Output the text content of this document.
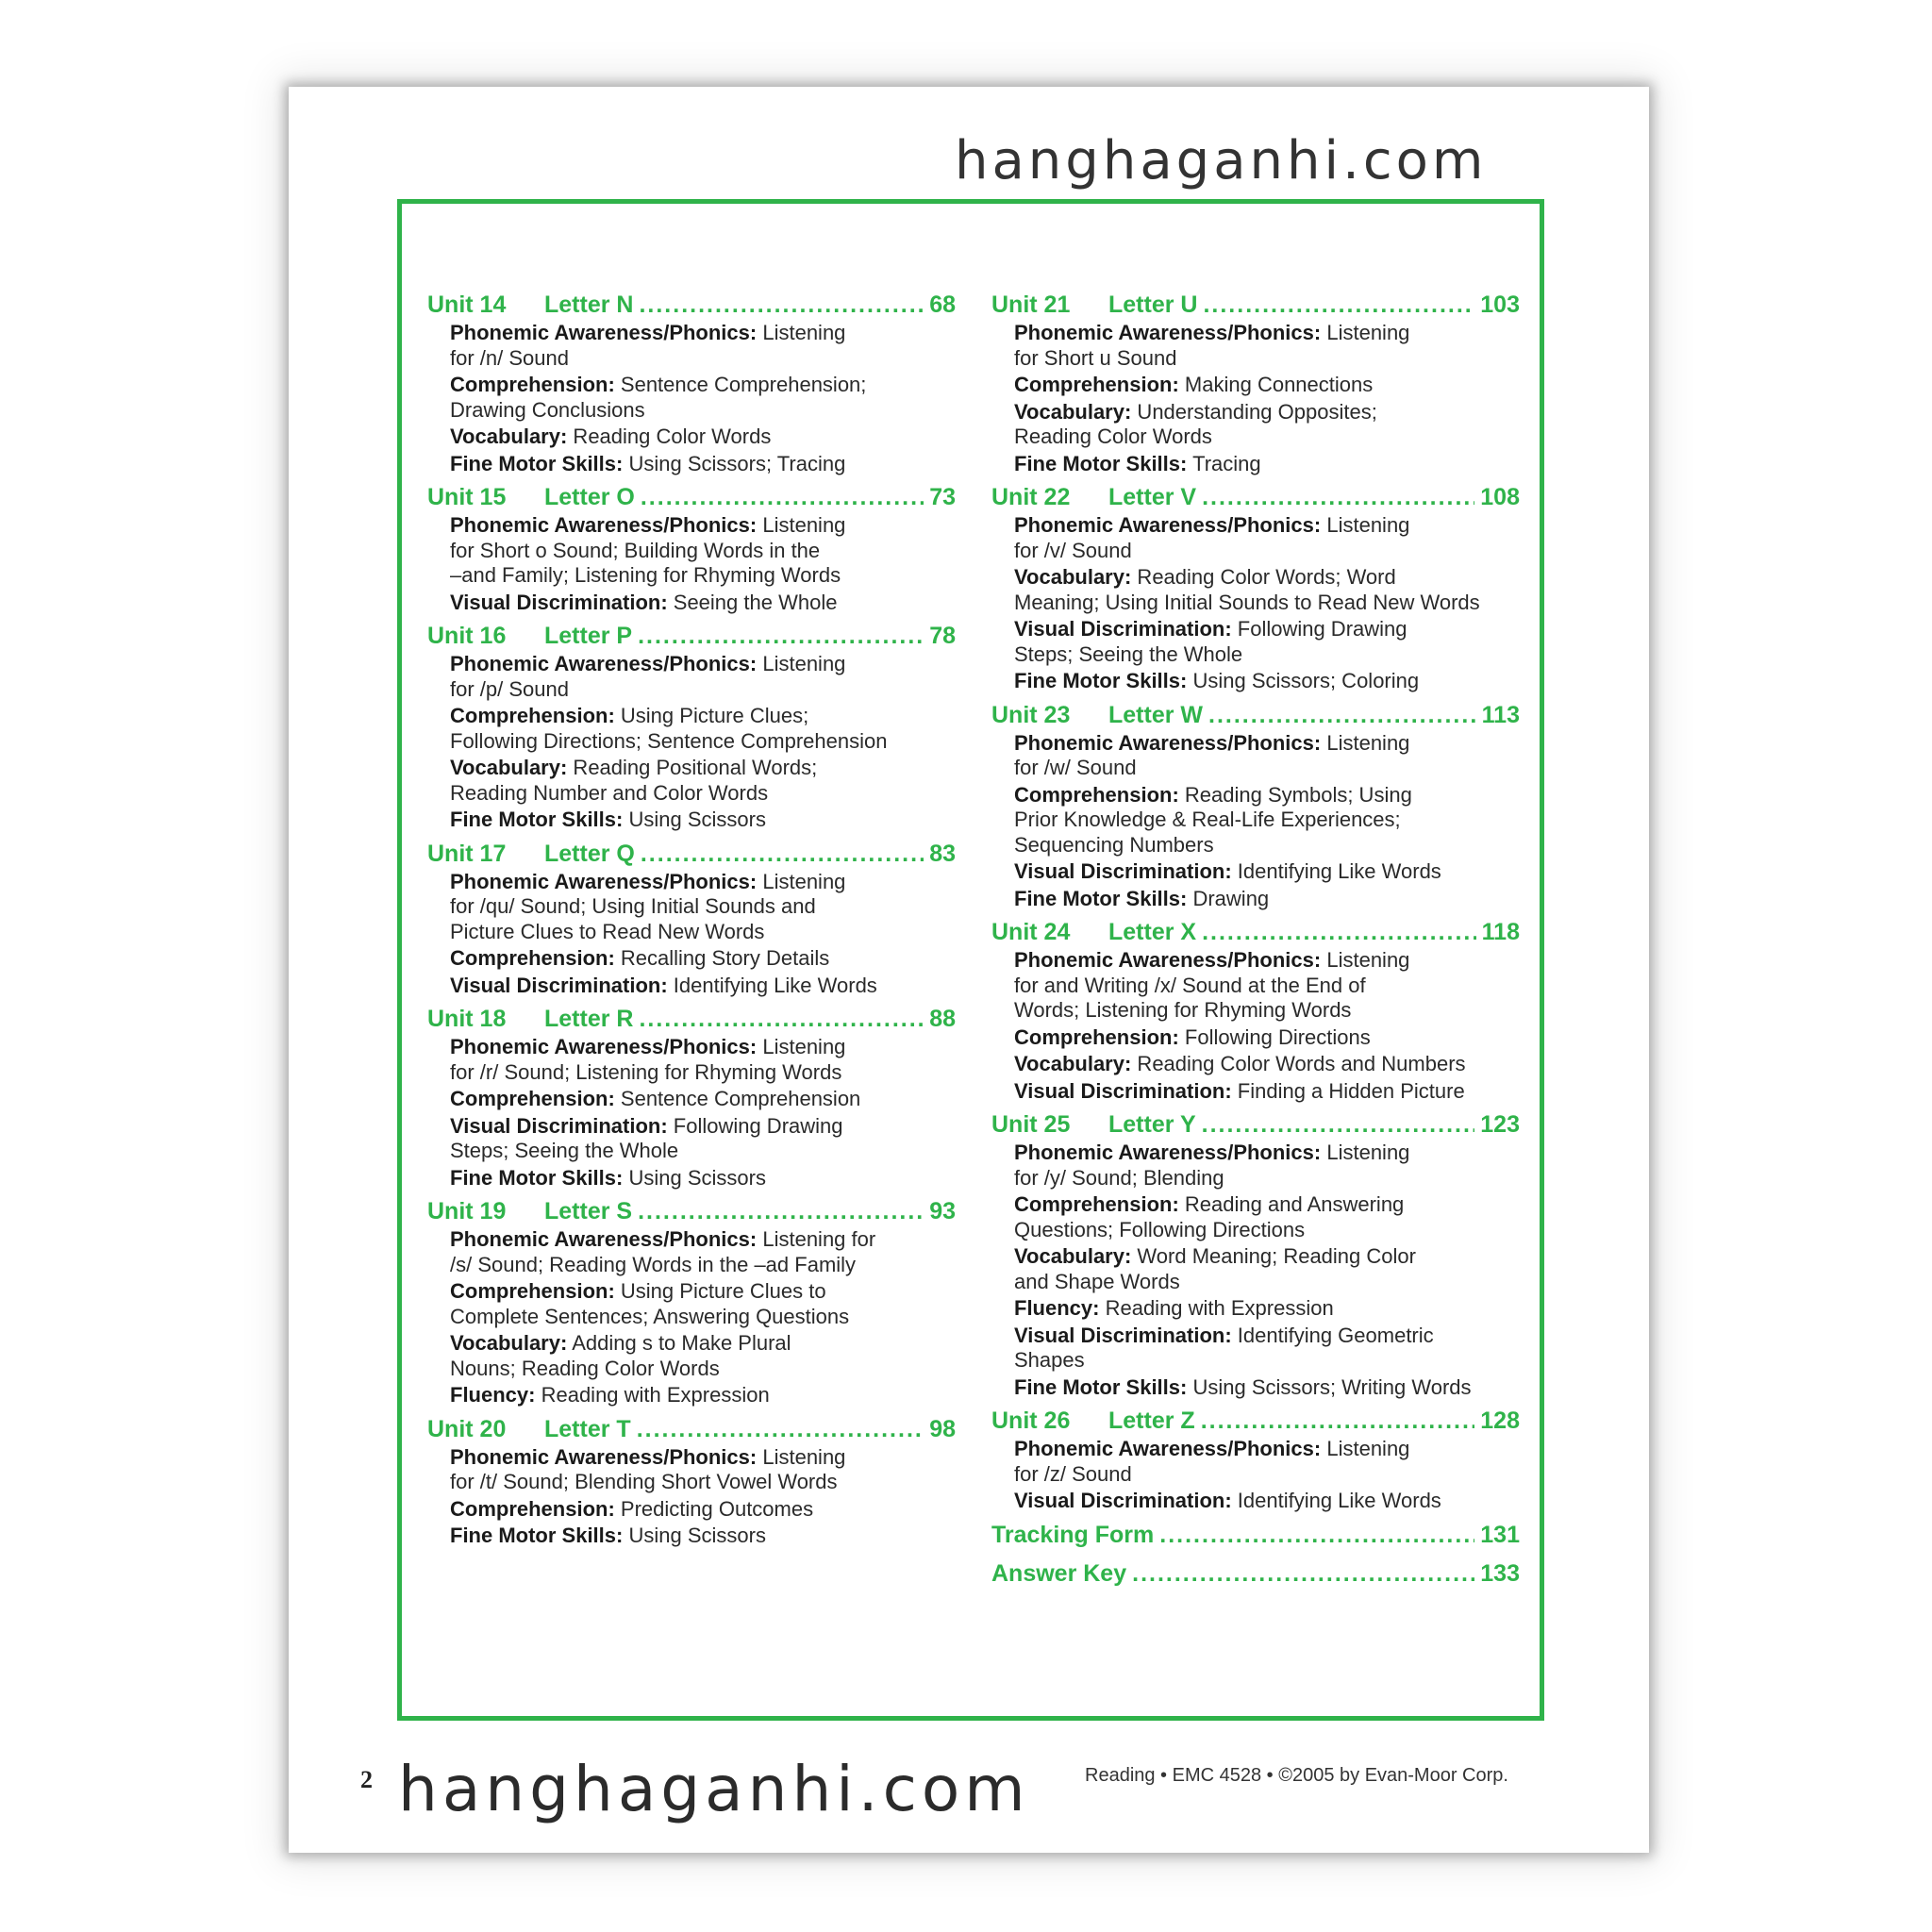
hanghaganhi.com
Unit 14	Letter N .....	68
Phonemic Awareness/Phonics: Listening
for /n/ Sound
Comprehension: Sentence Comprehension;
Drawing Conclusions
Vocabulary: Reading Color Words
Fine Motor Skills: Using Scissors; Tracing
Unit 15	Letter O .....	73
Phonemic Awareness/Phonics: Listening
for Short o Sound; Building Words in the
–and Family; Listening for Rhyming Words
Visual Discrimination: Seeing the Whole
Unit 16	Letter P .....	78
Phonemic Awareness/Phonics: Listening
for /p/ Sound
Comprehension: Using Picture Clues;
Following Directions; Sentence Comprehension
Vocabulary: Reading Positional Words;
Reading Number and Color Words
Fine Motor Skills: Using Scissors
Unit 17	Letter Q .....	83
Phonemic Awareness/Phonics: Listening
for /qu/ Sound; Using Initial Sounds and
Picture Clues to Read New Words
Comprehension: Recalling Story Details
Visual Discrimination: Identifying Like Words
Unit 18	Letter R .....	88
Phonemic Awareness/Phonics: Listening
for /r/ Sound; Listening for Rhyming Words
Comprehension: Sentence Comprehension
Visual Discrimination: Following Drawing
Steps; Seeing the Whole
Fine Motor Skills: Using Scissors
Unit 19	Letter S .....	93
Phonemic Awareness/Phonics: Listening for
/s/ Sound; Reading Words in the –ad Family
Comprehension: Using Picture Clues to
Complete Sentences; Answering Questions
Vocabulary: Adding s to Make Plural
Nouns; Reading Color Words
Fluency: Reading with Expression
Unit 20	Letter T .....	98
Phonemic Awareness/Phonics: Listening
for /t/ Sound; Blending Short Vowel Words
Comprehension: Predicting Outcomes
Fine Motor Skills: Using Scissors
Unit 21	Letter U .....	103
Phonemic Awareness/Phonics: Listening
for Short u Sound
Comprehension: Making Connections
Vocabulary: Understanding Opposites;
Reading Color Words
Fine Motor Skills: Tracing
Unit 22	Letter V .....	108
Phonemic Awareness/Phonics: Listening
for /v/ Sound
Vocabulary: Reading Color Words; Word
Meaning; Using Initial Sounds to Read New Words
Visual Discrimination: Following Drawing
Steps; Seeing the Whole
Fine Motor Skills: Using Scissors; Coloring
Unit 23	Letter W .....	113
Phonemic Awareness/Phonics: Listening
for /w/ Sound
Comprehension: Reading Symbols; Using
Prior Knowledge & Real-Life Experiences;
Sequencing Numbers
Visual Discrimination: Identifying Like Words
Fine Motor Skills: Drawing
Unit 24	Letter X .....	118
Phonemic Awareness/Phonics: Listening
for and Writing /x/ Sound at the End of
Words; Listening for Rhyming Words
Comprehension: Following Directions
Vocabulary: Reading Color Words and Numbers
Visual Discrimination: Finding a Hidden Picture
Unit 25	Letter Y .....	123
Phonemic Awareness/Phonics: Listening
for /y/ Sound; Blending
Comprehension: Reading and Answering
Questions; Following Directions
Vocabulary: Word Meaning; Reading Color
and Shape Words
Fluency: Reading with Expression
Visual Discrimination: Identifying Geometric
Shapes
Fine Motor Skills: Using Scissors; Writing Words
Unit 26	Letter Z .....	128
Phonemic Awareness/Phonics: Listening
for /z/ Sound
Visual Discrimination: Identifying Like Words
Tracking Form .....	131
Answer Key .....	133
2 hanghaganhi.com	Reading • EMC 4528 • ©2005 by Evan-Moor Corp.
